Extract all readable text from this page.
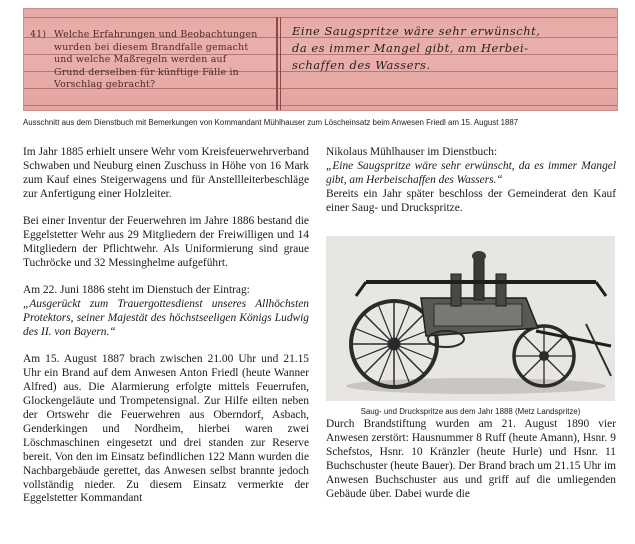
41) Welche Erfahrungen und Beobachtungen
wurden bei diesem Brandfalle gemacht
und welche Maßregeln werden auf
Grund derselben für künftige Fälle in
Vorschlag gebracht?
Eine Saugspritze wäre sehr erwünscht,
da es immer Mangel gibt, am Herbei-
schaffen des Wassers.
Ausschnitt aus dem Dienstbuch mit Bemerkungen von Kommandant Mühlhauser zum Löscheinsatz beim Anwesen Friedl am 15. August 1887

Im Jahr 1885 erhielt unsere Wehr vom Kreisfeuerwehrverband Schwaben und Neuburg einen Zuschuss in Höhe von 16 Mark zum Kauf eines Steigerwagens und für Anstellleiterbeschläge zur Anfertigung einer Holzleiter.

Bei einer Inventur der Feuerwehren im Jahre 1886 bestand die Eggelstetter Wehr aus 29 Mitgliedern der Freiwilligen und 14 Mitgliedern der Pflichtwehr. Als Uniformierung sind graue Tuchröcke und 32 Messinghelme aufgeführt.

Am 22. Juni 1886 steht im Dienstuch der Eintrag:
„Ausgerückt zum Trauergottesdienst unseres Allhöchsten Protektors, seiner Majestät des höchstseeligen Königs Ludwig des II. von Bayern.“

Am 15. August 1887 brach zwischen 21.00 Uhr und 21.15 Uhr ein Brand auf dem Anwesen Anton Friedl (heute Wanner Alfred) aus. Die Alarmierung erfolgte mittels Feuerrufen, Glockengeläute und Trompetensignal. Zur Hilfe eilten neben der Ortswehr die Feuerwehren aus Oberndorf, Asbach, Genderkingen und Nordheim, hierbei waren zwei Löschmaschinen eingesetzt und drei standen zur Reserve bereit. Von den im Einsatz befindlichen 122 Mann wurden die Nachbargebäude gerettet, das Anwesen selbst brannte jedoch vollständig nieder. Zu diesem Einsatz vermerkte der Eggelstetter Kommandant

Nikolaus Mühlhauser im Dienstbuch:
„Eine Saugspritze wäre sehr erwünscht, da es immer Mangel gibt, am Herbeischaffen des Wassers.“
Bereits ein Jahr später beschloss der Gemeinderat den Kauf einer Saug- und Druckspritze.
Saug- und Druckspritze aus dem Jahr 1888 (Metz Landspritze)

Durch Brandstiftung wurden am 21. August 1890 vier Anwesen zerstört: Hausnummer 8 Ruff (heute Amann), Hsnr. 9 Schefstos, Hsnr. 10 Kränzler (heute Hurle) und Hsnr. 11 Buchschuster (heute Bauer). Der Brand brach um 21.15 Uhr im Anwesen Buchschuster aus und griff auf die umliegenden Gebäude über. Dabei wurde die
